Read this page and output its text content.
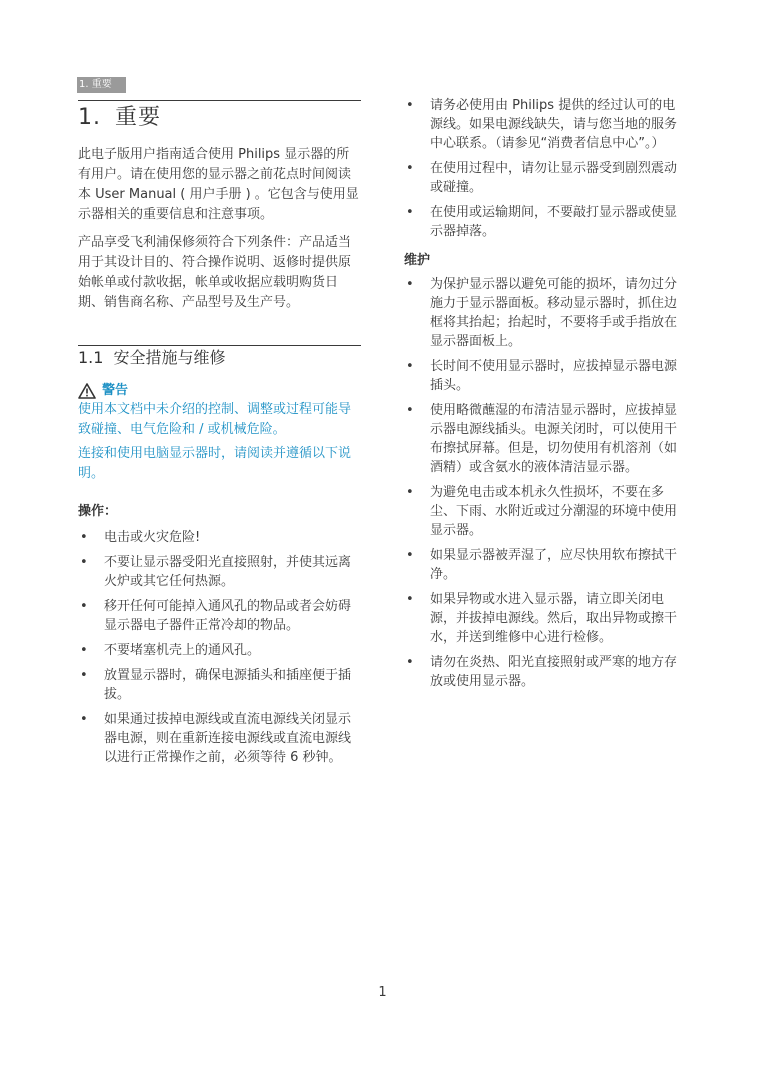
1. 重要
1. 重要

此电子版用户指南适合使用 Philips 显示器的所有用户。请在使用您的显示器之前花点时间阅读本 User Manual ( 用户手册 ) 。它包含与使用显示器相关的重要信息和注意事项。

产品享受飞利浦保修须符合下列条件：产品适当用于其设计目的、符合操作说明、返修时提供原始帐单或付款收据，帐单或收据应载明购货日期、销售商名称、产品型号及生产号。

1.1 安全措施与维修
警告

使用本文档中未介绍的控制、调整或过程可能导致碰撞、电气危险和 / 或机械危险。

连接和使用电脑显示器时，请阅读并遵循以下说明。

操作：
• 电击或火灾危险!
• 不要让显示器受阳光直接照射，并使其远离火炉或其它任何热源。
• 移开任何可能掉入通风孔的物品或者会妨碍显示器电子器件正常冷却的物品。
• 不要堵塞机壳上的通风孔。
• 放置显示器时，确保电源插头和插座便于插拔。
• 如果通过拔掉电源线或直流电源线关闭显示器电源，则在重新连接电源线或直流电源线以进行正常操作之前，必须等待 6 秒钟。
• 请务必使用由 Philips 提供的经过认可的电源线。如果电源线缺失，请与您当地的服务中心联系。（请参见“消费者信息中心”。）
• 在使用过程中，请勿让显示器受到剧烈震动或碰撞。
• 在使用或运输期间，不要敲打显示器或使显示器掉落。
维护
• 为保护显示器以避免可能的损坏，请勿过分施力于显示器面板。移动显示器时，抓住边框将其抬起；抬起时，不要将手或手指放在显示器面板上。
• 长时间不使用显示器时，应拔掉显示器电源插头。
• 使用略微蘸湿的布清洁显示器时，应拔掉显示器电源线插头。电源关闭时，可以使用干布擦拭屏幕。但是，切勿使用有机溶剂（如酒精）或含氨水的液体清洁显示器。
• 为避免电击或本机永久性损坏，不要在多尘、下雨、水附近或过分潮湿的环境中使用显示器。
• 如果显示器被弄湿了，应尽快用软布擦拭干净。
• 如果异物或水进入显示器，请立即关闭电源，并拔掉电源线。然后，取出异物或擦干水，并送到维修中心进行检修。
• 请勿在炎热、阳光直接照射或严寒的地方存放或使用显示器。
1
